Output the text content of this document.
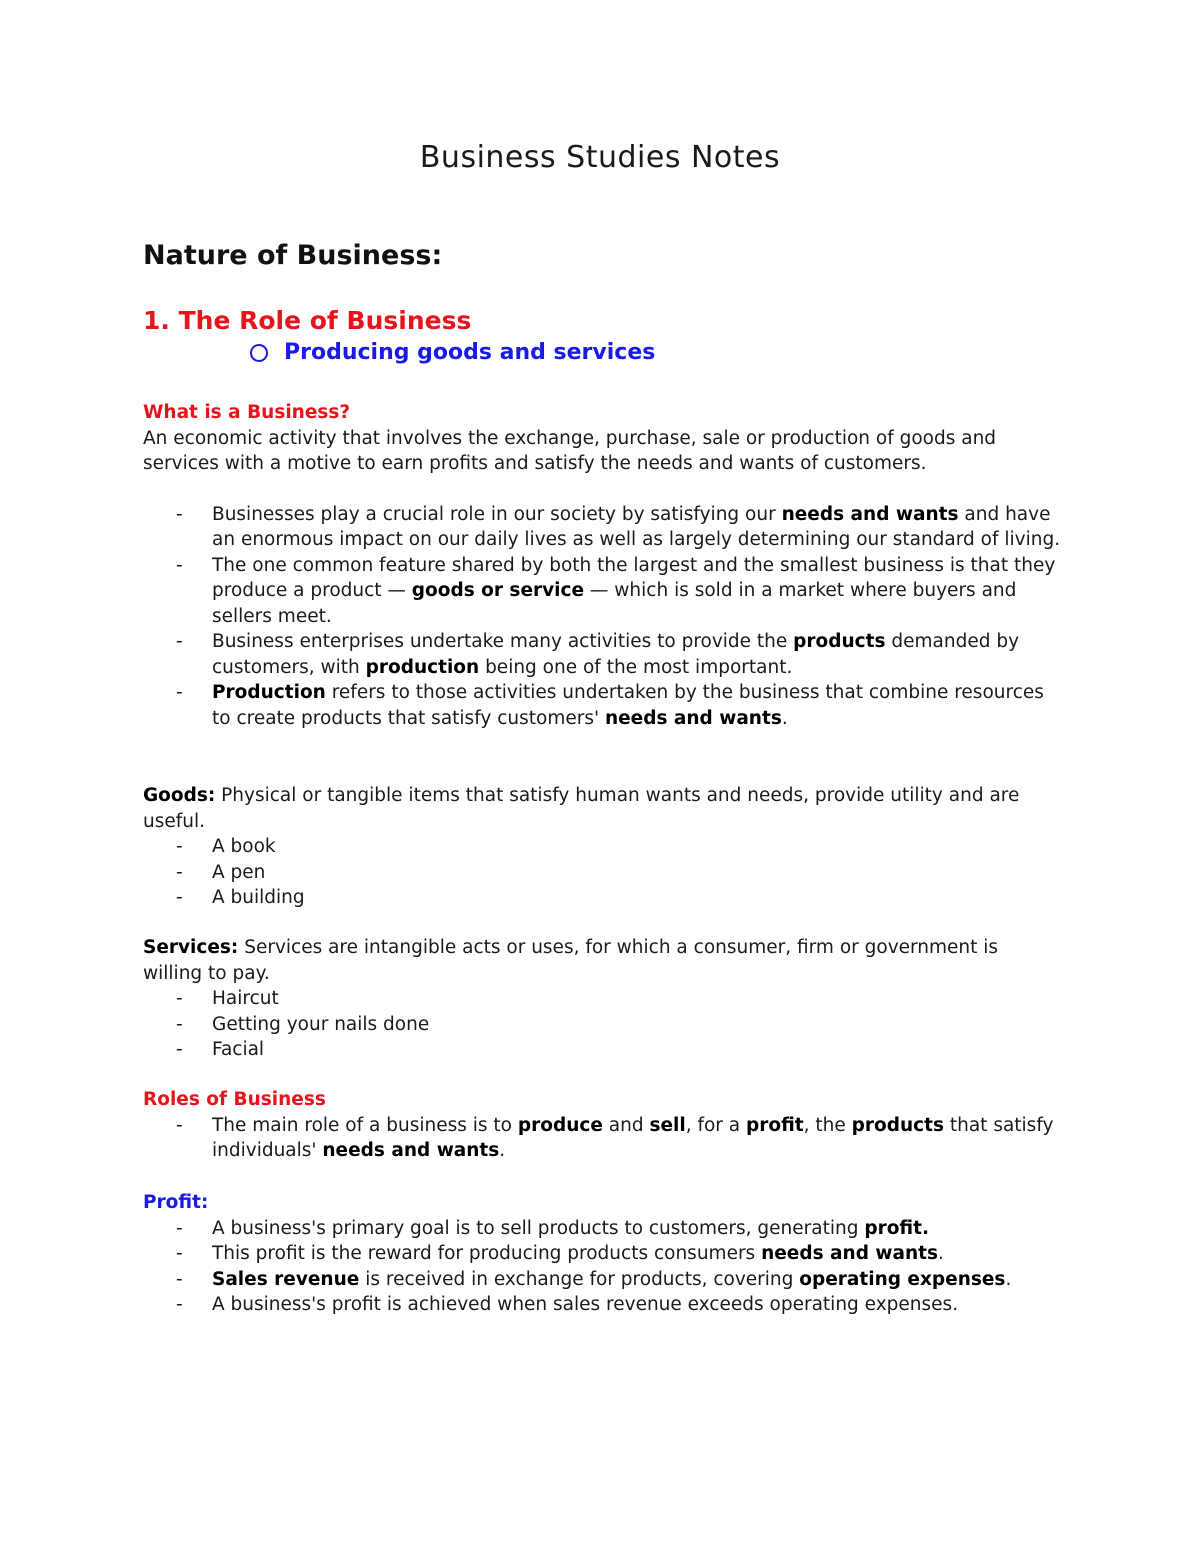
Business Studies Notes
Nature of Business:
1. The Role of Business
Producing goods and services

What is a Business?

An economic activity that involves the exchange, purchase, sale or production of goods and services with a motive to earn profits and satisfy the needs and wants of customers.

- Businesses play a crucial role in our society by satisfying our needs and wants and have an enormous impact on our daily lives as well as largely determining our standard of living.
- The one common feature shared by both the largest and the smallest business is that they produce a product — goods or service — which is sold in a market where buyers and sellers meet.
- Business enterprises undertake many activities to provide the products demanded by customers, with production being one of the most important.
- Production refers to those activities undertaken by the business that combine resources to create products that satisfy customers' needs and wants.

Goods: Physical or tangible items that satisfy human wants and needs, provide utility and are useful.

- A book
- A pen
- A building

Services: Services are intangible acts or uses, for which a consumer, firm or government is willing to pay.

- Haircut
- Getting your nails done
- Facial

Roles of Business

- The main role of a business is to produce and sell, for a profit, the products that satisfy individuals' needs and wants.

Profit:

- A business's primary goal is to sell products to customers, generating profit.
- This profit is the reward for producing products consumers needs and wants.
- Sales revenue is received in exchange for products, covering operating expenses.
- A business's profit is achieved when sales revenue exceeds operating expenses.
